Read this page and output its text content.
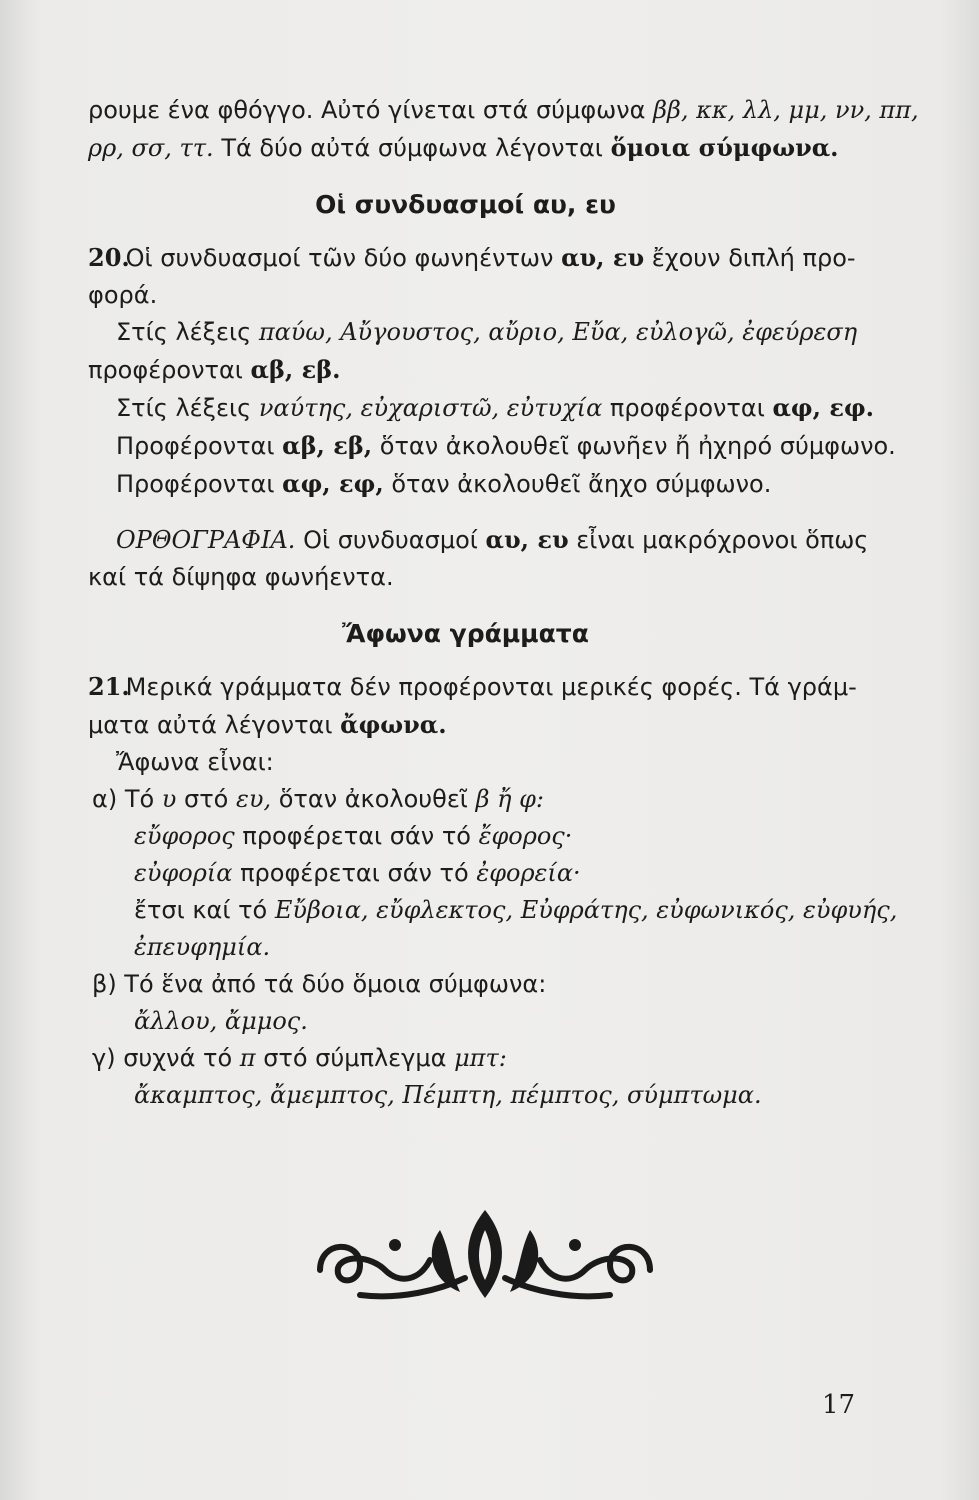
ρουμε ένα φθόγγο. Αὐτό γίνεται στά σύμφωνα ββ, κκ, λλ, μμ, νν, ππ,
ρρ, σσ, ττ. Τά δύο αὐτά σύμφωνα λέγονται ὅμοια σύμφωνα.
Οἱ συνδυασμοί αυ, ευ
20. Οἱ συνδυασμοί τῶν δύο φωνηέντων αυ, ευ ἔχουν διπλή προ-
φορά.
Στίς λέξεις παύω, Αὔγουστος, αὔριο, Εὔα, εὐλογῶ, ἐφεύρεση
προφέρονται αβ, εβ.
Στίς λέξεις ναύτης, εὐχαριστῶ, εὐτυχία προφέρονται αφ, εφ.
Προφέρονται αβ, εβ, ὅταν ἀκολουθεῖ φωνῆεν ἤ ἠχηρό σύμφωνο.
Προφέρονται αφ, εφ, ὅταν ἀκολουθεῖ ἄηχο σύμφωνο.
ΟΡΘΟΓΡΑΦΙΑ. Οἱ συνδυασμοί αυ, ευ εἶναι μακρόχρονοι ὅπως
καί τά δίψηφα φωνήεντα.
Ἄφωνα γράμματα
21. Μερικά γράμματα δέν προφέρονται μερικές φορές. Τά γράμ-
ματα αὐτά λέγονται ἄφωνα.
Ἄφωνα εἶναι:
α) Τό υ στό ευ, ὅταν ἀκολουθεῖ β ἤ φ:
εὔφορος προφέρεται σάν τό ἔφορος·
εὐφορία προφέρεται σάν τό ἐφορεία·
ἔτσι καί τό Εὔβοια, εὔφλεκτος, Εὐφράτης, εὐφωνικός, εὐφυής,
ἐπευφημία.
β) Τό ἕνα ἀπό τά δύο ὅμοια σύμφωνα:
ἄλλου, ἄμμος.
γ) συχνά τό π στό σύμπλεγμα μπτ:
ἄκαμπτος, ἄμεμπτος, Πέμπτη, πέμπτος, σύμπτωμα.
17
